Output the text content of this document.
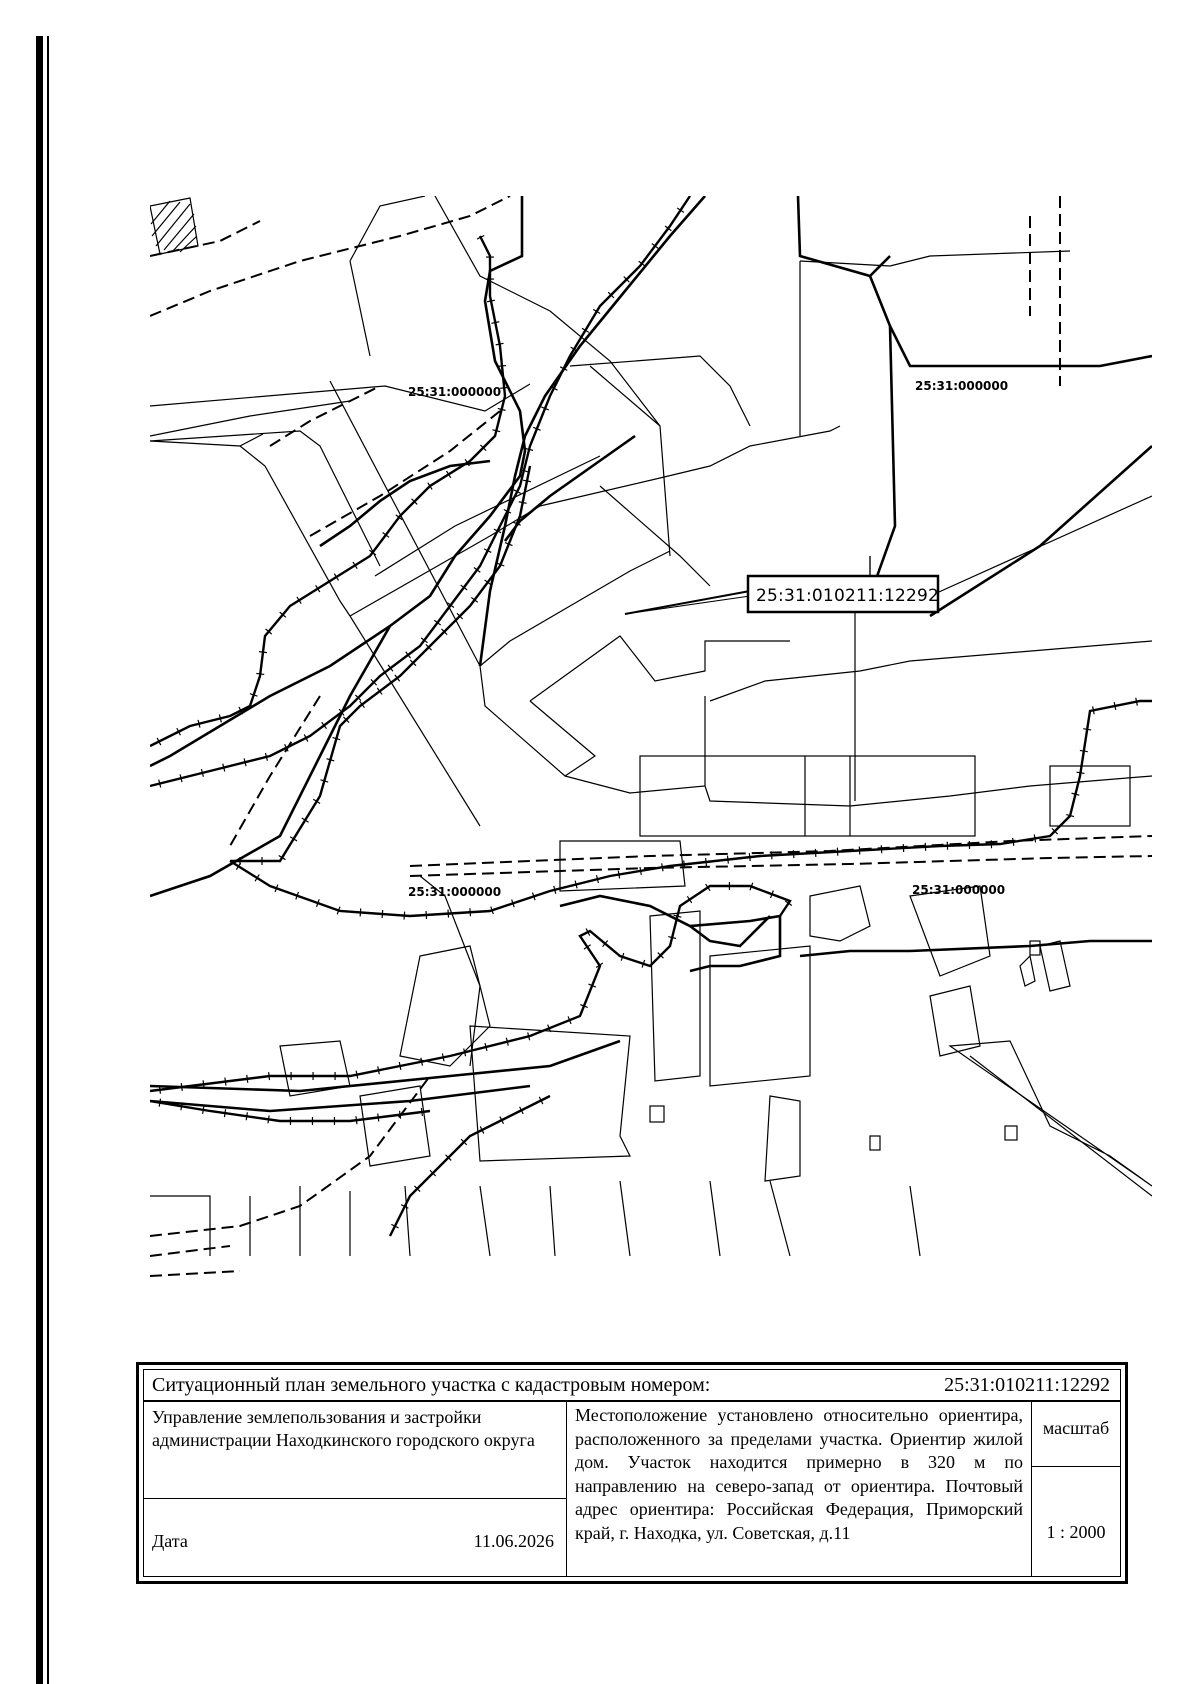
25:31:000000	25:31:000000
25:31:000000	25:31:000000
25:31:010211:12292
Ситуационный план земельного участка с кадастровым номером:	25:31:010211:12292
Управление землепользования и застройки администрации Находкинского городского округа
Дата	11.06.2026
Местоположение установлено относительно ориентира, расположенного за пределами участка. Ориентир жилой дом. Участок находится примерно в 320 м по направлению на северо-запад от ориентира. Почтовый адрес ориентира: Российская Федерация, Приморский край, г. Находка, ул. Советская, д.11
масштаб
1 : 2000
